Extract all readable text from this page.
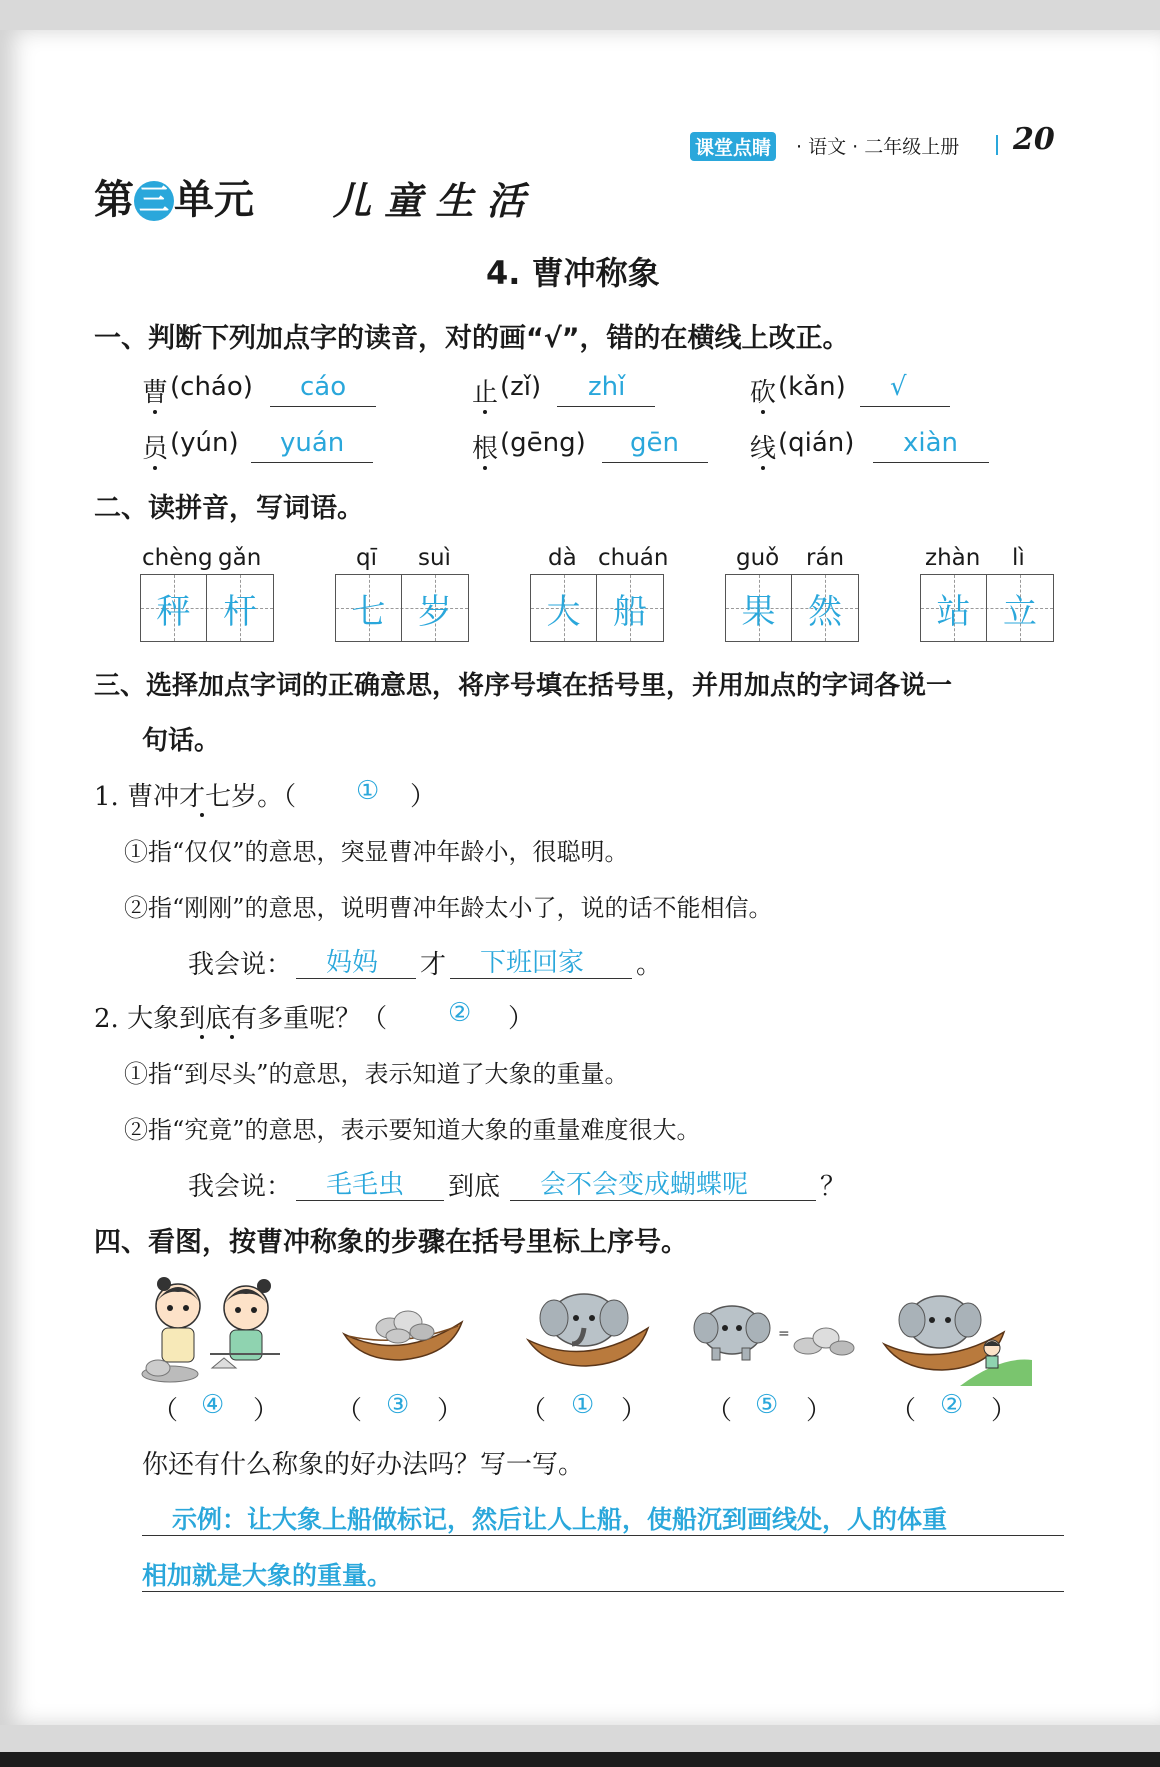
课堂点睛 · 语文 · 二年级上册 20
第 三 单元 儿 童 生 活
4. 曹冲称象
一、判断下列加点字的读音，对的画“√”，错的在横线上改正。
曹 (cháo) cáo	止 (zǐ) zhǐ	砍 (kǎn) √
员 (yún) yuán	根 (gēng) gēn	线 (qián) xiàn
二、读拼音，写词语。
chèng gǎn
秤 杆
qī suì
七 岁
dà chuán
大 船
guǒ rán
果 然
zhàn lì
站 立
三、选择加点字词的正确意思，将序号填在括号里，并用加点的字词各说一
句话。
1. 曹冲才七岁。（ ① ）
①指“仅仅”的意思，突显曹冲年龄小，很聪明。
②指“刚刚”的意思，说明曹冲年龄太小了，说的话不能相信。
我会说： 妈妈 才 下班回家 。
2. 大象到底有多重呢？（ ② ）
①指“到尽头”的意思，表示知道了大象的重量。
②指“究竟”的意思，表示要知道大象的重量难度很大。
我会说： 毛毛虫 到底 会不会变成蝴蝶呢	？
四、看图，按曹冲称象的步骤在括号里标上序号。
=
（ ④ ） （ ③ ） （ ① ） （ ⑤ ） （ ② ）
你还有什么称象的好办法吗？写一写。
示例：让大象上船做标记，然后让人上船，使船沉到画线处，人的体重
相加就是大象的重量。
